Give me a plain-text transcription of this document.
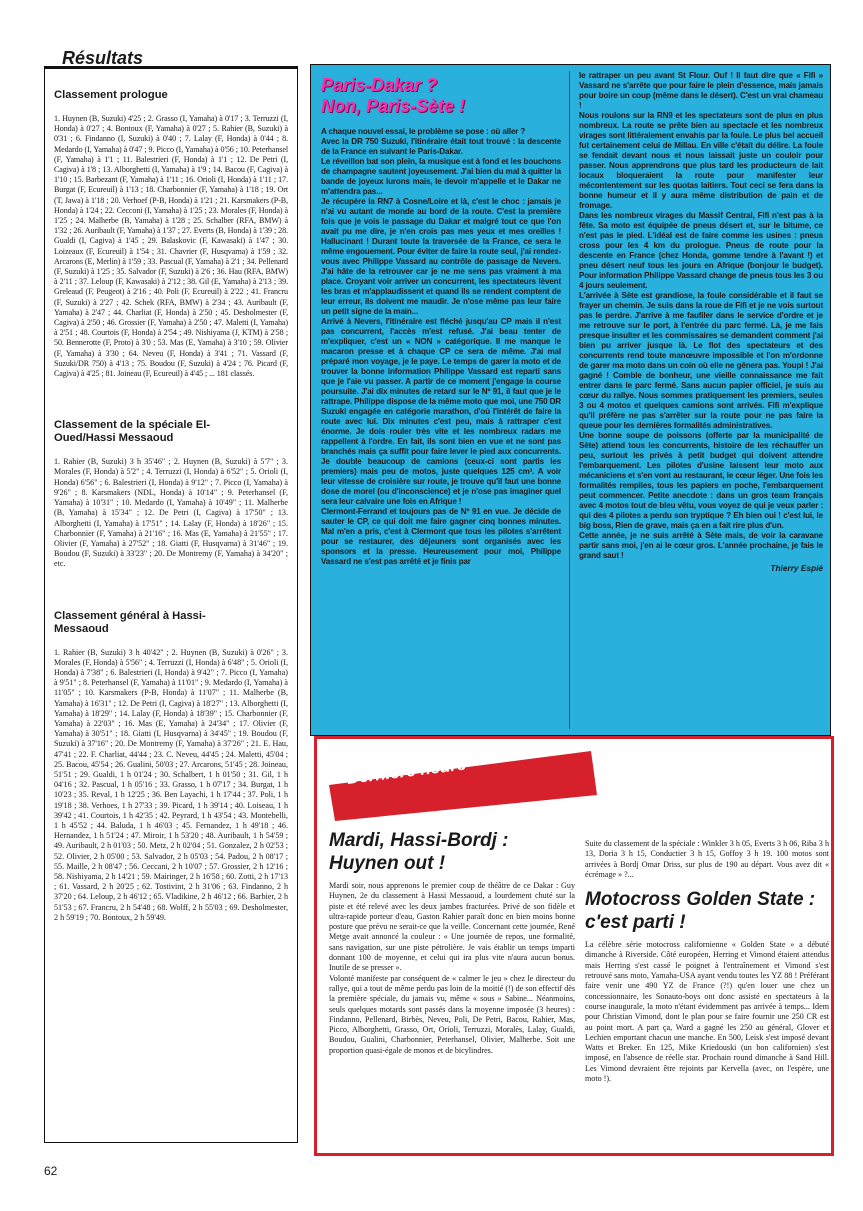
Résultats
Classement prologue
1. Huynen (B, Suzuki) 4'25 ; 2. Grasso (I, Yamaha) à 0'17 ; 3. Terruzzi (I, Honda) à 0'27 ; 4. Bontoux (F, Yamaha) à 0'27 ; 5. Rahier (B, Suzuki) à 0'31 ; 6. Findanno (I, Suzuki) à 0'40 ; 7. Lalay (F, Honda) à 0'44 ; 8. Medardo (I, Yamaha) à 0'47 ; 9. Picco (I, Yamaha) à 0'56 ; 10. Peterhansel (F, Yamaha) à 1'1 ; 11. Balestrieri (F, Honda) à 1'1 ; 12. De Petri (I, Cagiva) à 1'8 ; 13. Alborghetti (I, Yamaha) à 1'9 ; 14. Bacou (F, Cagiva) à 1'10 ; 15. Barbezant (F, Yamaha) à 1'11 ; 16. Orioli (I, Honda) à 1'11 ; 17. Burgat (F, Ecureuil) à 1'13 ; 18. Charbonnier (F, Yamaha) à 1'18 ; 19. Ort (T, Jawa) à 1'18 ; 20. Verhoef (P-B, Honda) à 1'21 ; 21. Karsmakers (P-B, Honda) à 1'24 ; 22. Cecconi (I, Yamaha) à 1'25 ; 23. Morales (F, Honda) à 1'25 ; 24. Malherbe (B, Yamaha) à 1'28 ; 25. Schalber (RFA, BMW) à 1'32 ; 26. Auribault (F, Yamaha) à 1'37 ; 27. Everts (B, Honda) à 1'39 ; 28. Gualdi (I, Cagiva) à 1'45 ; 29. Balaskovic (F, Kawasaki) à 1'47 ; 30. Loizeaux (F, Ecureuil) à 1'54 ; 31. Chavrier (F, Husqvarna) à 1'59 ; 32. Arcarons (E, Merlin) à 1'59 ; 33. Pascual (F, Yamaha) à 2'1 ; 34. Pellenard (F, Suzuki) à 1'25 ; 35. Salvador (F, Suzuki) à 2'6 ; 36. Hau (RFA, BMW) à 2'11 ; 37. Leloup (F, Kawasaki) à 2'12 ; 38. Gil (E, Yamaha) à 2'13 ; 39. Greleaud (F, Peugeot) à 2'16 ; 40. Poli (F, Ecureuil) à 2'22 ; 41. Francru (F, Suzuki) à 2'27 ; 42. Schek (RFA, BMW) à 2'34 ; 43. Auribault (F, Yamaha) à 2'47 ; 44. Charliat (F, Honda) à 2'50 ; 45. Desholmester (F, Cagiva) à 2'50 ; 46. Grossier (F, Yamaha) à 2'50 ; 47. Maletti (I, Yamaha) à 2'51 ; 48. Courtois (F, Honda) à 2'54 ; 49. Nishiyama (J, KTM) à 2'58 ; 50. Bennerotte (F, Proto) à 3'0 ; 53. Mas (E, Yamaha) à 3'10 ; 59. Olivier (F, Yamaha) à 3'30 ; 64. Neveu (F, Honda) à 3'41 ; 71. Vassard (F, Suzuki/DR 750) à 4'13 ; 75. Boudou (F, Suzuki) à 4'24 ; 76. Picard (F, Cagiva) à 4'25 ; 81. Joineau (F, Ecureuil) à 4'45 ; ... 181 classés.
Classement de la spéciale El-Oued/Hassi Messaoud
1. Rahier (B, Suzuki) 3 h 35'46" ; 2. Huynen (B, Suzuki) à 5'7" ; 3. Morales (F, Honda) à 5'2" ; 4. Terruzzi (I, Honda) à 6'52" ; 5. Orioli (I, Honda) 6'56" ; 6. Balestrieri (I, Honda) à 9'12" ; 7. Picco (I, Yamaha) à 9'26" ; 8. Karsmakers (NDL, Honda) à 10'14" ; 9. Peterhansel (F, Yamaha) à 10'31" ; 10. Medardo (I, Yamaha) à 10'49" ; 11. Malherbe (B, Yamaha) à 15'34" ; 12. De Petri (I, Cagiva) à 17'50" ; 13. Alborghetti (I, Yamaha) à 17'51" ; 14. Lalay (F, Honda) à 18'26" ; 15. Charbonnier (F, Yamaha) à 21'16" ; 16. Mas (E, Yamaha) à 21'55" ; 17. Olivier (F, Yamaha) à 27'52" ; 18. Giatti (F, Husqvarna) à 31'46" ; 19. Boudou (F, Suzuki) à 33'23" ; 20. De Montremy (F, Yamaha) à 34'20" ; etc.
Classement général à Hassi-Messaoud
1. Rahier (B, Suzuki) 3 h 40'42" ; 2. Huynen (B, Suzuki) à 0'26" ; 3. Morales (F, Honda) à 5'56" ; 4. Terruzzi (I, Honda) à 6'48" ; 5. Orioli (I, Honda) à 7'38" ; 6. Balestrieri (I, Honda) à 9'42" ; 7. Picco (I, Yamaha) à 9'51" ; 8. Peterhansel (F, Yamaha) à 11'01" ; 9. Medardo (I, Yamaha) à 11'05" ; 10. Karsmakers (P-B, Honda) à 11'07" ; 11. Malherbe (B, Yamaha) à 16'31" ; 12. De Petri (I, Cagiva) à 18'27" ; 13. Alborghetti (I, Yamaha) à 18'29" ; 14. Lalay (F, Honda) à 18'39" ; 15. Charbonnier (F, Yamaha) à 22'03" ; 16. Mas (E, Yamaha) à 24'34" ; 17. Olivier (F, Yamaha) à 30'51" ; 18. Giatti (I, Husqvarna) à 34'45" ; 19. Boudou (F, Suzuki) à 37'16" ; 20. De Montremy (F, Yamaha) à 37'26" ; 21. E. Hau, 47'41 ; 22. F. Charliat, 44'44 ; 23. C. Neveu, 44'45 ; 24. Maletti, 45'04 ; 25. Bacou, 45'54 ; 26. Gualini, 50'03 ; 27. Arcarons, 51'45 ; 28. Joineau, 51'51 ; 29. Gualdi, 1 h 01'24 ; 30. Schalbert, 1 h 01'50 ; 31. Gil, 1 h 04'16 ; 32. Pascual, 1 h 05'16 ; 33. Grasso, 1 h 07'17 ; 34. Burgat, 1 h 10'23 ; 35. Reval, 1 h 12'25 ; 36. Ben Layachi, 1 h 17'44 ; 37. Poli, 1 h 19'18 ; 38. Verhoes, 1 h 27'33 ; 39. Picard, 1 h 39'14 ; 40. Loiseau, 1 h 39'42 ; 41. Courtois, 1 h 42'35 ; 42. Peyrard, 1 h 43'54 ; 43. Montebelli, 1 h 45'52 ; 44. Baluda, 1 h 46'03 ; 45. Fernandez, 1 h 49'18 ; 46. Hernandez, 1 h 51'24 ; 47. Miroir, 1 h 53'20 ; 48. Auribault, 1 h 54'59 ; 49. Auribault, 2 h 01'03 ; 50. Metz, 2 h 02'04 ; 51. Gonzalez, 2 h 02'53 ; 52. Olivier, 2 h 05'00 ; 53. Salvador, 2 h 05'03 ; 54. Padou, 2 h 08'17 ; 55. Maille, 2 h 08'47 ; 56. Ceccani, 2 h 10'07 ; 57. Grossier, 2 h 12'16 ; 58. Nishiyama, 2 h 14'21 ; 59. Mairinger, 2 h 16'58 ; 60. Zotti, 2 h 17'13 ; 61. Vassard, 2 h 20'25 ; 62. Tostivint, 2 h 31'06 ; 63. Findanno, 2 h 37'20 ; 64. Leloup, 2 h 46'12 ; 65. Vladikine, 2 h 46'12 ; 66. Barbier, 2 h 51'53 ; 67. Francru, 2 h 54'48 ; 68. Wolff, 2 h 55'03 ; 69. Desholmester, 2 h 59'19 ; 70. Bontoux, 2 h 59'49.
Paris-Dakar ?
Non, Paris-Sète !
A chaque nouvel essai, le problème se pose : où aller ?
Avec la DR 750 Suzuki, l'itinéraire était tout trouvé : la descente de la France en suivant le Paris-Dakar.
Le réveillon bat son plein, la musique est à fond et les bouchons de champagne sautent joyeusement. J'ai bien du mal à quitter la bande de joyeux lurons mais, le devoir m'appelle et le Dakar ne m'attendra pas...
Je récupère la RN7 à Cosne/Loire et là, c'est le choc : jamais je n'ai vu autant de monde au bord de la route. C'est la première fois que je vois le passage du Dakar et malgré tout ce que l'on avait pu me dire, je n'en crois pas mes yeux et mes oreilles ! Hallucinant ! Durant toute la traversée de la France, ce sera le même engouement. Pour éviter de faire la route seul, j'ai rendez-vous avec Philippe Vassard au contrôle de passage de Nevers. J'ai hâte de la retrouver car je ne me sens pas vraiment à ma place. Croyant voir arriver un concurrent, les spectateurs lèvent les bras et m'applaudissent et quand ils se rendent comptent de leur erreur, ils doivent me maudir. Je n'ose même pas leur faire un petit signe de la main...
Arrivé à Nevers, l'itinéraire est fléché jusqu'au CP mais il n'est pas concurrent, l'accès m'est refusé. J'ai beau tenter de m'expliquer, c'est un « NON » catégorique. Il me manque le macaron presse et à chaque CP ce sera de même. J'ai mal préparé mon voyage, je le paye. Le temps de garer la moto et de trouver la bonne information Philippe Vassard est reparti sans que je l'aie vu passer. A partir de ce moment j'engage la course poursuite. J'ai dix minutes de retard sur le Nº 91, il faut que je le rattrape. Philippe dispose de la même moto que moi, une 750 DR Suzuki engagée en catégorie marathon, d'où l'intérêt de faire la route avec lui. Dix minutes c'est peu, mais à rattraper c'est énorme. Je dois rouler très vite et les nombreux radars me rappellent à l'ordre. En fait, ils sont bien en vue et ne sont pas branchés mais ça suffit pour faire lever le pied aux concurrents. Je double beaucoup de camions (ceux-ci sont partis les premiers) mais peu de motos, juste quelques 125 cm³. A voir leur vitesse de croisière sur route, je trouve qu'il faut une bonne dose de morel (ou d'inconscience) et je n'ose pas imaginer quel sera leur calvaire une fois en Afrique !
Clermont-Ferrand et toujours pas de Nº 91 en vue. Je décide de sauter le CP, ce qui doit me faire gagner cinq bonnes minutes. Mal m'en a pris, c'est à Clermont que tous les pilotes s'arrêtent pour se restaurer, des déjeuners sont organisés avec les sponsors et la presse. Heureusement pour moi, Philippe Vassard ne s'est pas arrêté et je finis par
le rattraper un peu avant St Flour. Ouf ! Il faut dire que « Fifi » Vassard ne s'arrête que pour faire le plein d'essence, mais jamais pour boire un coup (même dans le désert). C'est un vrai chameau !
Nous roulons sur la RN9 et les spectateurs sont de plus en plus nombreux. La route se prête bien au spectacle et les nombreux virages sont littéralement envahis par la foule. Le plus bel accueil fut certainement celui de Millau. En ville c'était du délire. La foule se fendait devant nous et nous laissait juste un couloir pour passer. Nous apprendrons que plus tard les producteurs de lait locaux bloqueraient la route pour manifester leur mécontentement sur les quotas laitiers. Tout ceci se fera dans la bonne humeur et il y aura même distribution de pain et de fromage.
Dans les nombreux virages du Massif Central, Fifi n'est pas à la fête. Sa moto est équipée de pneus désert et, sur le bitume, ce n'est pas le pied. L'idéal est de faire comme les usines : pneus cross pour les 4 km du prologue. Pneus de route pour la descente en France (chez Honda, gomme tendre à l'avant !) et pneu désert neuf tous les jours en Afrique (bonjour le budget). Pour information Philippe Vassard change de pneus tous les 3 ou 4 jours seulement.
L'arrivée à Sète est grandiose, la foule considérable et il faut se frayer un chemin. Je suis dans la roue de Fifi et je ne vois surtout pas le perdre. J'arrive à me faufiler dans le service d'ordre et je me retrouve sur le port, à l'entrée du parc fermé. Là, je me fais presque insulter et les commissaires se demandent comment j'ai bien pu arriver jusque là. Le flot des spectateurs et des concurrents rend toute manœuvre impossible et l'on m'ordonne de garer ma moto dans un coin où elle ne gênera pas. Youpi ! J'ai gagné ! Comble de bonheur, une vieille connaissance me fait entrer dans le parc fermé. Sans aucun papier officiel, je suis au cœur du rallye. Nous sommes pratiquement les premiers, seules 3 ou 4 motos et quelques camions sont arrivés. Fifi m'explique qu'il préfère ne pas s'arrêter sur la route pour ne pas faire la queue pour les dernières formalités administratives.
Une bonne soupe de poissons (offerte par la municipalité de Sète) attend tous les concurrents, histoire de les réchauffer un peu, surtout les privés à petit budget qui doivent attendre l'embarquement. Les pilotes d'usine laissent leur moto aux mécaniciens et s'en vont au restaurant, le cœur léger. Une fois les formalités remplies, tous les papiers en poche, l'embarquement peut commencer. Petite anecdote : dans un gros team français avec 4 motos tout de bleu vêtu, vous voyez de qui je veux parler : qui des 4 pilotes a perdu son tryptique ? Eh bien oui ! c'est lui, le big boss, Rien de grave, mais ça en a fait rire plus d'un.
Cette année, je ne suis arrêté à Sète mais, de voir la caravane partir sans moi, j'en ai le cœur gros. L'année prochaine, je fais le grand saut !
Thierry Espié
Dernière heure
Mardi, Hassi-Bordj :
Huynen out !
Mardi soir, nous apprenons le premier coup de théâtre de ce Dakar : Guy Huynen, 2e du classement à Hassi Messaoud, a lourdement chuté sur la piste et été relevé avec les deux jambes fracturées. Privé de son fidèle et ultra-rapide porteur d'eau, Gaston Rahier paraît donc en bien moins bonne posture que prévu ne serait-ce que la veille. Concernant cette journée, René Metge avait annoncé la couleur : « Une journée de repos, une formalité, sans navigation, sur une piste pétrolière. Je vais établir un temps imparti donnant 100 de moyenne, et celui qui ira plus vite n'aura aucun bonus. Inutile de se presser ».
Volonté manifeste par conséquent de « calmer le jeu » chez le directeur du rallye, qui a tout de même perdu pas loin de la moitié (!) de son effectif dès la première spéciale, du jamais vu, même « sous » Sabine... Néanmoins, seuls quelques motards sont passés dans la moyenne imposée (3 heures) : Findanno, Pellenard, Birbès, Neveu, Poli, De Petri, Bacou, Rahier, Mas, Picco, Alborghetti, Grasso, Ort, Orioli, Terruzzi, Moralès, Lalay, Gualdi, Boudou, Gualini, Charbonnier, Peterhansel, Olivier, Malherbe. Soit une proportion quasi-égale de monos et de bicylindres.
Suite du classement de la spéciale : Winkler 3 h 05, Everts 3 h 06, Riba 3 h 13, Doria 3 h 15, Conductier 3 h 15, Goffoy 3 h 19. 100 motos sont arrivées à Bordj Omar Driss, sur plus de 190 au départ. Vous avez dit « écrémage » ?...
Motocross Golden State :
c'est parti !
La célèbre série motocross californienne « Golden State » a débuté dimanche à Riverside. Côté européen, Herring et Vimond étaient attendus mais Herring s'est cassé le poignet à l'entraînement et Vimond s'est retrouvé sans moto, Yamaha-USA ayant vendu toutes les YZ 88 ! Préférant faire venir une 490 YZ de France (?!) qu'en louer une chez un concessionnaire, les Sonauto-boys ont donc assisté en spectateurs à la course inaugurale, la moto n'étant évidemment pas arrivée à temps... Idem pour Christian Vimond, dont le plan pour se faire fournir une 250 CR est au point mort. A part ça, Ward a gagné les 250 au général, Glover et Lechien emportant chacun une manche. En 500, Leisk s'est imposé devant Watts et Breker. En 125, Mike Kriedouski (un bon californien) s'est imposé, en l'absence de réelle star. Prochain round dimanche à Sand Hill. Les Vimond devraient être rejoints par Kervella (avec, on l'espère, une moto !).
62
